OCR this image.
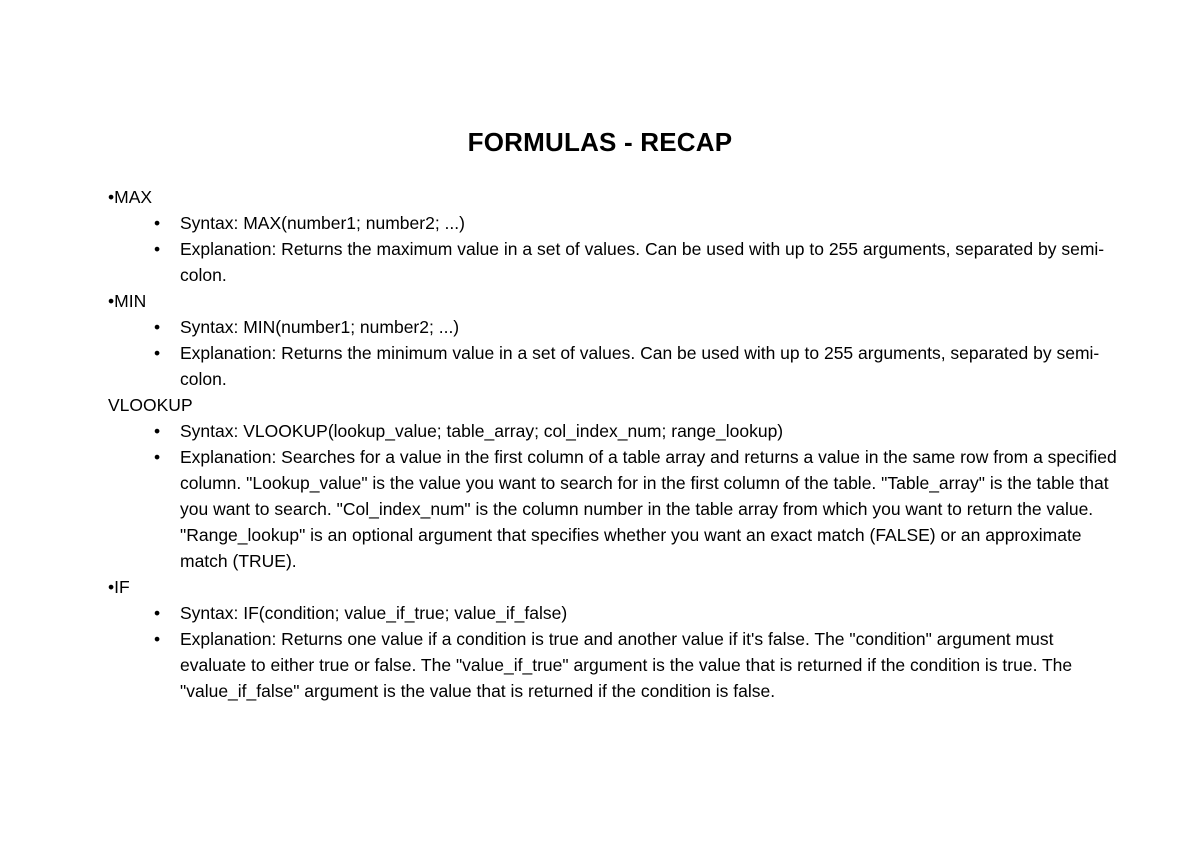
FORMULAS - RECAP

•MAX

• Syntax: MAX(number1; number2; ...)
• Explanation: Returns the maximum value in a set of values. Can be used with up to 255 arguments, separated by semi-colon.

•MIN

• Syntax: MIN(number1; number2; ...)
• Explanation: Returns the minimum value in a set of values. Can be used with up to 255 arguments, separated by semi-colon.

VLOOKUP

• Syntax: VLOOKUP(lookup_value; table_array; col_index_num; range_lookup)
• Explanation: Searches for a value in the first column of a table array and returns a value in the same row from a specified column. "Lookup_value" is the value you want to search for in the first column of the table. "Table_array" is the table that you want to search. "Col_index_num" is the column number in the table array from which you want to return the value. "Range_lookup" is an optional argument that specifies whether you want an exact match (FALSE) or an approximate match (TRUE).

•IF

• Syntax: IF(condition; value_if_true; value_if_false)
• Explanation: Returns one value if a condition is true and another value if it's false. The "condition" argument must evaluate to either true or false. The "value_if_true" argument is the value that is returned if the condition is true. The "value_if_false" argument is the value that is returned if the condition is false.
